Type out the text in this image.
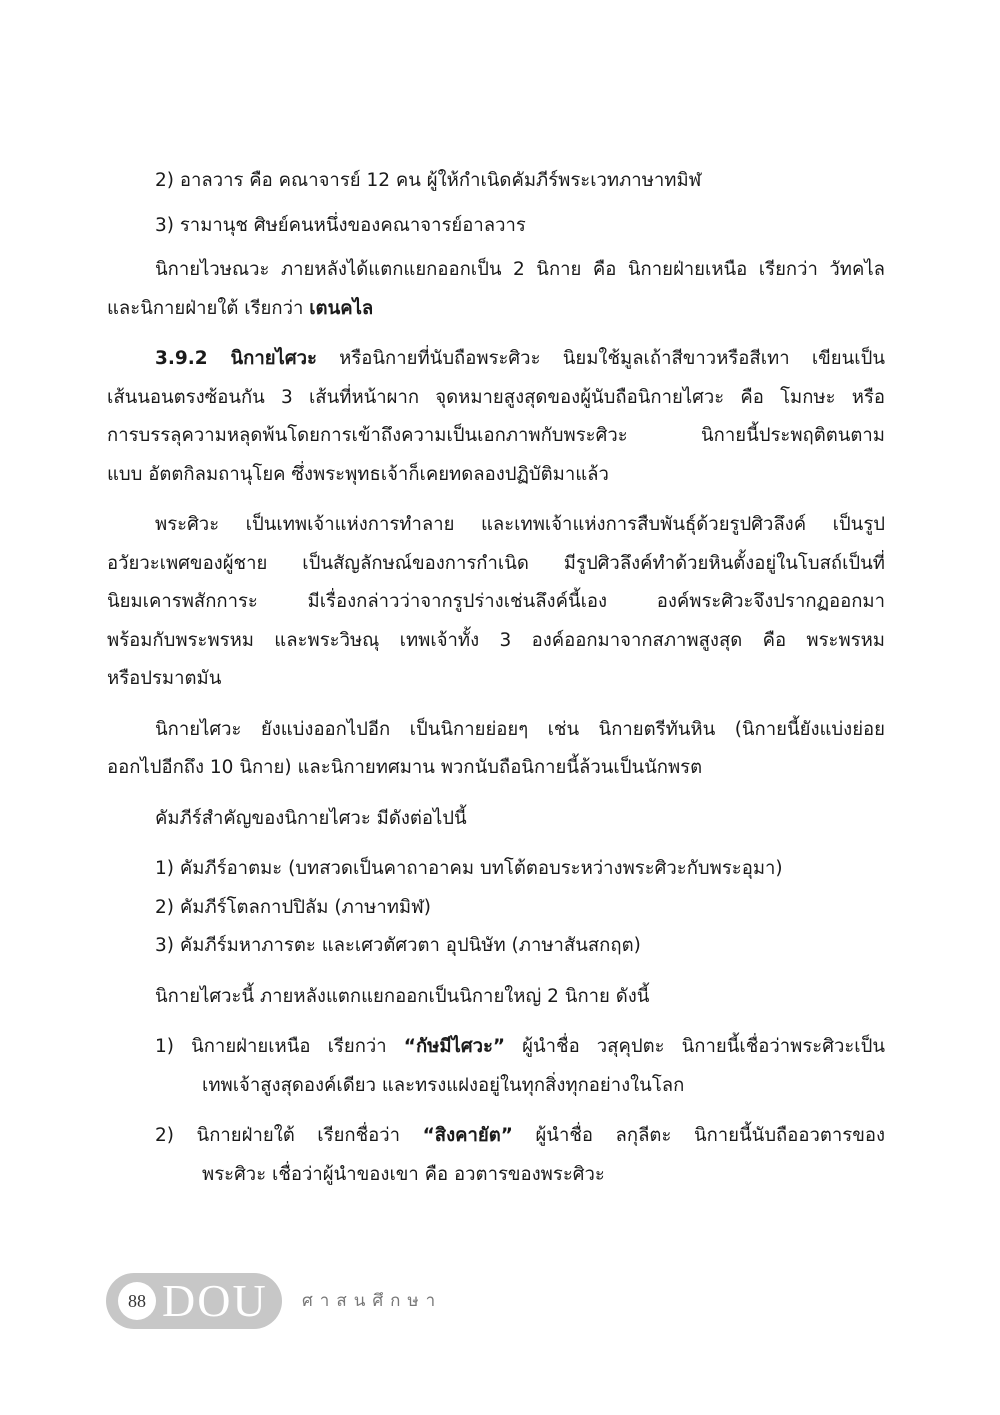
2) อาลวาร คือ คณาจารย์ 12 คน ผู้ให้กำเนิดคัมภีร์พระเวทภาษาทมิฬ
3) รามานุช ศิษย์คนหนึ่งของคณาจารย์อาลวาร
นิกายไวษณวะ ภายหลังได้แตกแยกออกเป็น 2 นิกาย คือ นิกายฝ่ายเหนือ เรียกว่า วัทคไล
และนิกายฝ่ายใต้ เรียกว่า เตนคไล
3.9.2 นิกายไศวะ หรือนิกายที่นับถือพระศิวะ นิยมใช้มูลเถ้าสีขาวหรือสีเทา เขียนเป็น
เส้นนอนตรงซ้อนกัน 3 เส้นที่หน้าผาก จุดหมายสูงสุดของผู้นับถือนิกายไศวะ คือ โมกษะ หรือ
การบรรลุความหลุดพ้นโดยการเข้าถึงความเป็นเอกภาพกับพระศิวะ นิกายนี้ประพฤติตนตาม
แบบ อัตตกิลมถานุโยค ซึ่งพระพุทธเจ้าก็เคยทดลองปฏิบัติมาแล้ว
พระศิวะ เป็นเทพเจ้าแห่งการทำลาย และเทพเจ้าแห่งการสืบพันธุ์ด้วยรูปศิวลึงค์ เป็นรูป
อวัยวะเพศของผู้ชาย เป็นสัญลักษณ์ของการกำเนิด มีรูปศิวลึงค์ทำด้วยหินตั้งอยู่ในโบสถ์เป็นที่
นิยมเคารพสักการะ มีเรื่องกล่าวว่าจากรูปร่างเช่นลึงค์นี้เอง องค์พระศิวะจึงปรากฏออกมา
พร้อมกับพระพรหม และพระวิษณุ เทพเจ้าทั้ง 3 องค์ออกมาจากสภาพสูงสุด คือ พระพรหม
หรือปรมาตมัน
นิกายไศวะ ยังแบ่งออกไปอีก เป็นนิกายย่อยๆ เช่น นิกายตรีทันหิน (นิกายนี้ยังแบ่งย่อย
ออกไปอีกถึง 10 นิกาย) และนิกายทศมาน พวกนับถือนิกายนี้ล้วนเป็นนักพรต
คัมภีร์สำคัญของนิกายไศวะ มีดังต่อไปนี้
1) คัมภีร์อาตมะ (บทสวดเป็นคาถาอาคม บทโต้ตอบระหว่างพระศิวะกับพระอุมา)
2) คัมภีร์โตลกาปปิลัม (ภาษาทมิฬ)
3) คัมภีร์มหาภารตะ และเศวตัศวตา อุปนิษัท (ภาษาสันสกฤต)
นิกายไศวะนี้ ภายหลังแตกแยกออกเป็นนิกายใหญ่ 2 นิกาย ดังนี้
1) นิกายฝ่ายเหนือ เรียกว่า “กัษมีไศวะ” ผู้นำชื่อ วสุคุปตะ นิกายนี้เชื่อว่าพระศิวะเป็น
เทพเจ้าสูงสุดองค์เดียว และทรงแฝงอยู่ในทุกสิ่งทุกอย่างในโลก
2) นิกายฝ่ายใต้ เรียกชื่อว่า “สิงคายัต” ผู้นำชื่อ ลกุลีตะ นิกายนี้นับถืออวตารของ
พระศิวะ เชื่อว่าผู้นำของเขา คือ อวตารของพระศิวะ
88 DOU ศาสนศึกษา
